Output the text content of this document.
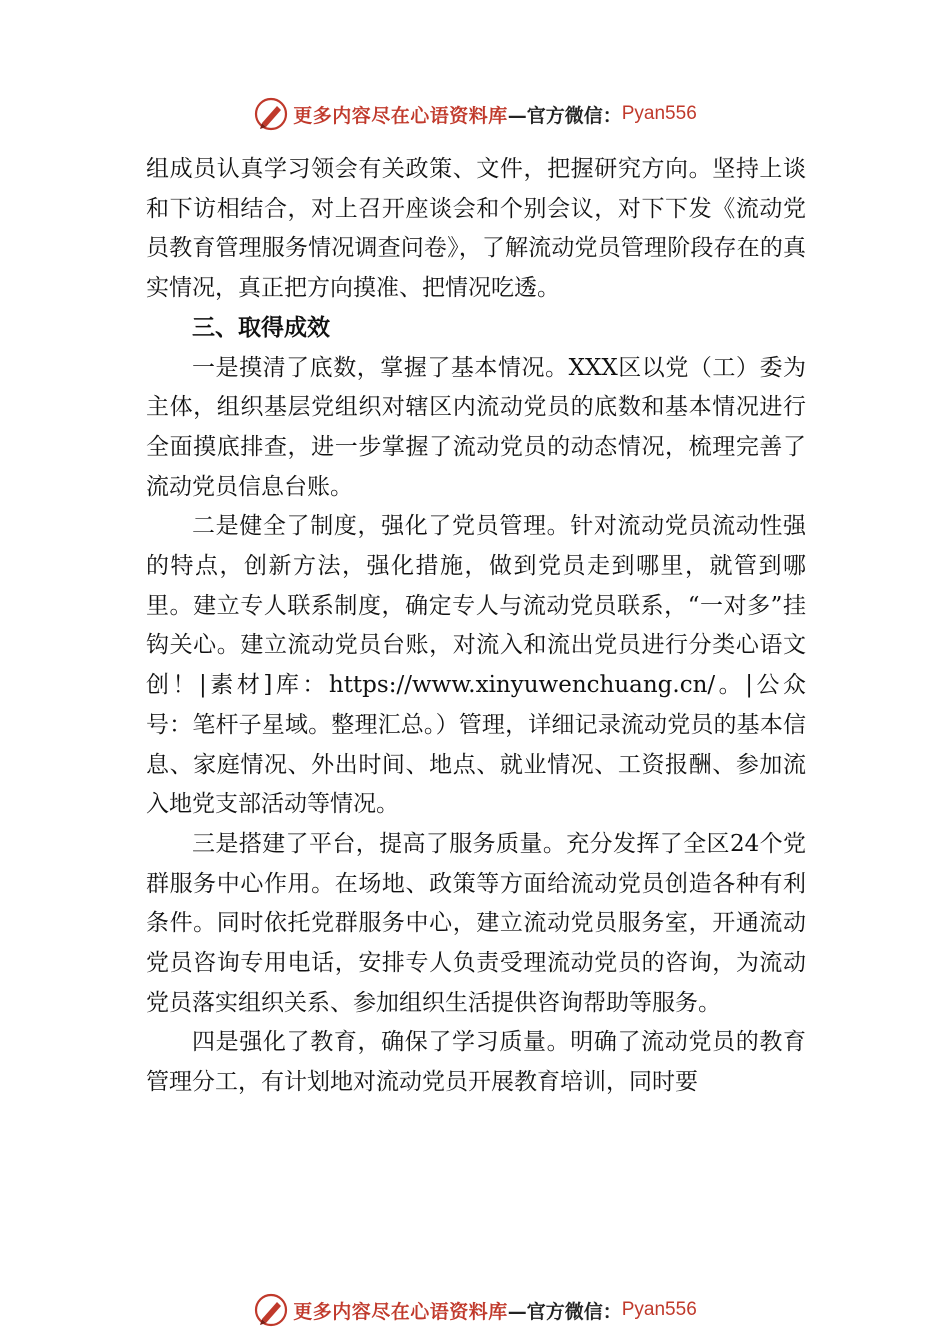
更多内容尽在心语资料库 —官方微信： Pyan556

组成员认真学习领会有关政策、文件，把握研究方向。坚持上谈和下访相结合，对上召开座谈会和个别会议，对下下发《流动党员教育管理服务情况调查问卷》，了解流动党员管理阶段存在的真实情况，真正把方向摸准、把情况吃透。

三、取得成效

一是摸清了底数，掌握了基本情况。XXX区以党（工）委为主体，组织基层党组织对辖区内流动党员的底数和基本情况进行全面摸底排查，进一步掌握了流动党员的动态情况，梳理完善了流动党员信息台账。

二是健全了制度，强化了党员管理。针对流动党员流动性强的特点，创新方法，强化措施，做到党员走到哪里，就管到哪里。建立专人联系制度，确定专人与流动党员联系，“一对多”挂钩关心。建立流动党员台账，对流入和流出党员进行分类心语文创！|素材]库：https://www.xinyuwenchuang.cn/。|公众号：笔杆子星域。整理汇总。）管理，详细记录流动党员的基本信息、家庭情况、外出时间、地点、就业情况、工资报酬、参加流入地党支部活动等情况。

三是搭建了平台，提高了服务质量。充分发挥了全区24个党群服务中心作用。在场地、政策等方面给流动党员创造各种有利条件。同时依托党群服务中心，建立流动党员服务室，开通流动党员咨询专用电话，安排专人负责受理流动党员的咨询，为流动党员落实组织关系、参加组织生活提供咨询帮助等服务。

四是强化了教育，确保了学习质量。明确了流动党员的教育管理分工，有计划地对流动党员开展教育培训，同时要

更多内容尽在心语资料库 —官方微信： Pyan556
